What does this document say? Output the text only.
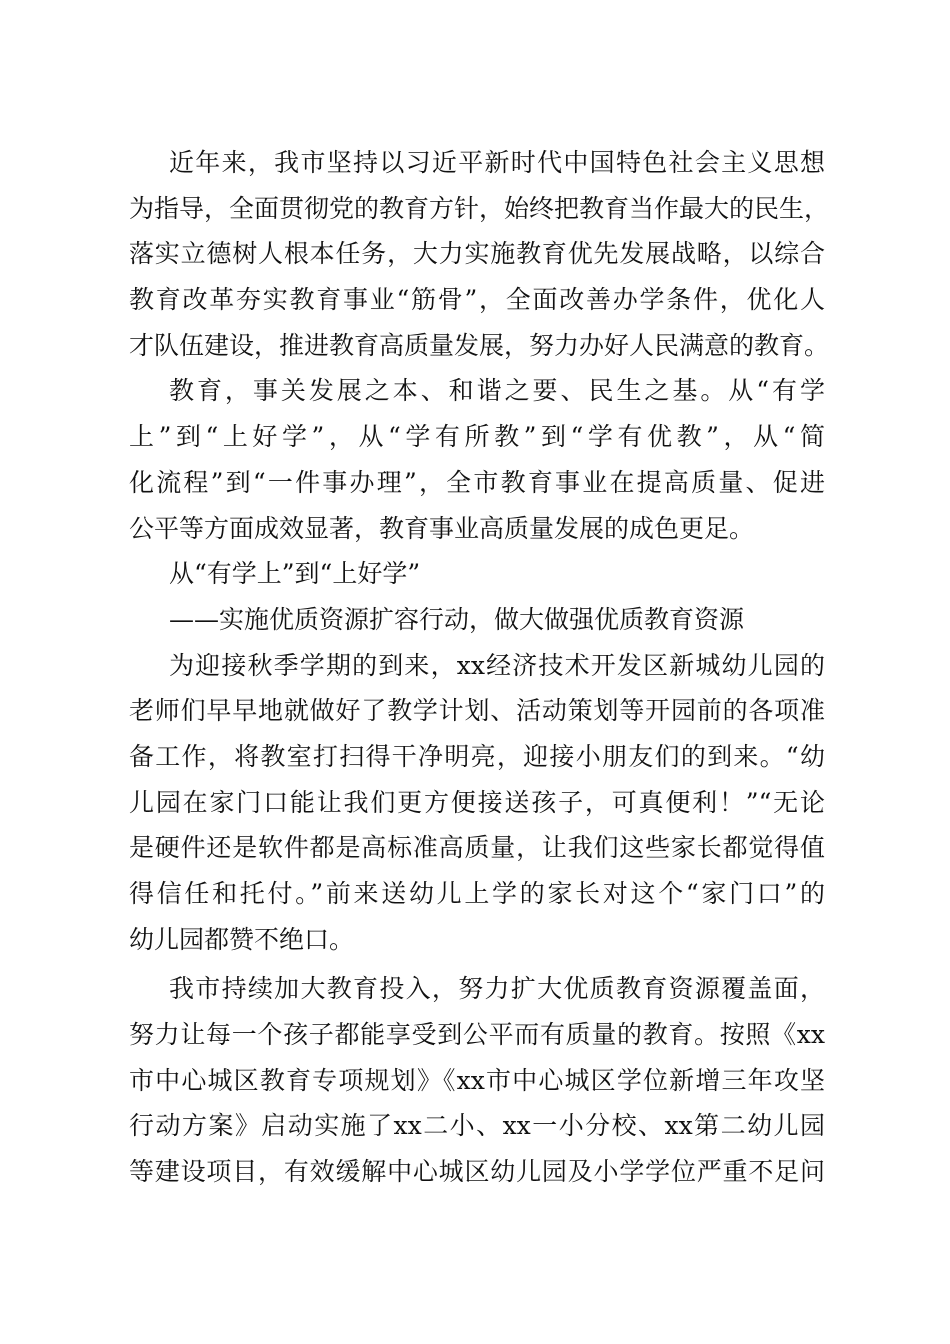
近年来，我市坚持以习近平新时代中国特色社会主义思想
为指导，全面贯彻党的教育方针，始终把教育当作最大的民生，
落实立德树人根本任务，大力实施教育优先发展战略，以综合
教育改革夯实教育事业“筋骨”，全面改善办学条件，优化人
才队伍建设，推进教育高质量发展，努力办好人民满意的教育。
教育，事关发展之本、和谐之要、民生之基。从“有学
上”到“上好学”，从“学有所教”到“学有优教”，从“简
化流程”到“一件事办理”，全市教育事业在提高质量、促进
公平等方面成效显著，教育事业高质量发展的成色更足。
从“有学上”到“上好学”
——实施优质资源扩容行动，做大做强优质教育资源
为迎接秋季学期的到来，xx经济技术开发区新城幼儿园的
老师们早早地就做好了教学计划、活动策划等开园前的各项准
备工作，将教室打扫得干净明亮，迎接小朋友们的到来。“幼
儿园在家门口能让我们更方便接送孩子，可真便利！”“无论
是硬件还是软件都是高标准高质量，让我们这些家长都觉得值
得信任和托付。”前来送幼儿上学的家长对这个“家门口”的
幼儿园都赞不绝口。
我市持续加大教育投入，努力扩大优质教育资源覆盖面，
努力让每一个孩子都能享受到公平而有质量的教育。按照《xx
市中心城区教育专项规划》《xx市中心城区学位新增三年攻坚
行动方案》启动实施了xx二小、xx一小分校、xx第二幼儿园
等建设项目，有效缓解中心城区幼儿园及小学学位严重不足问
